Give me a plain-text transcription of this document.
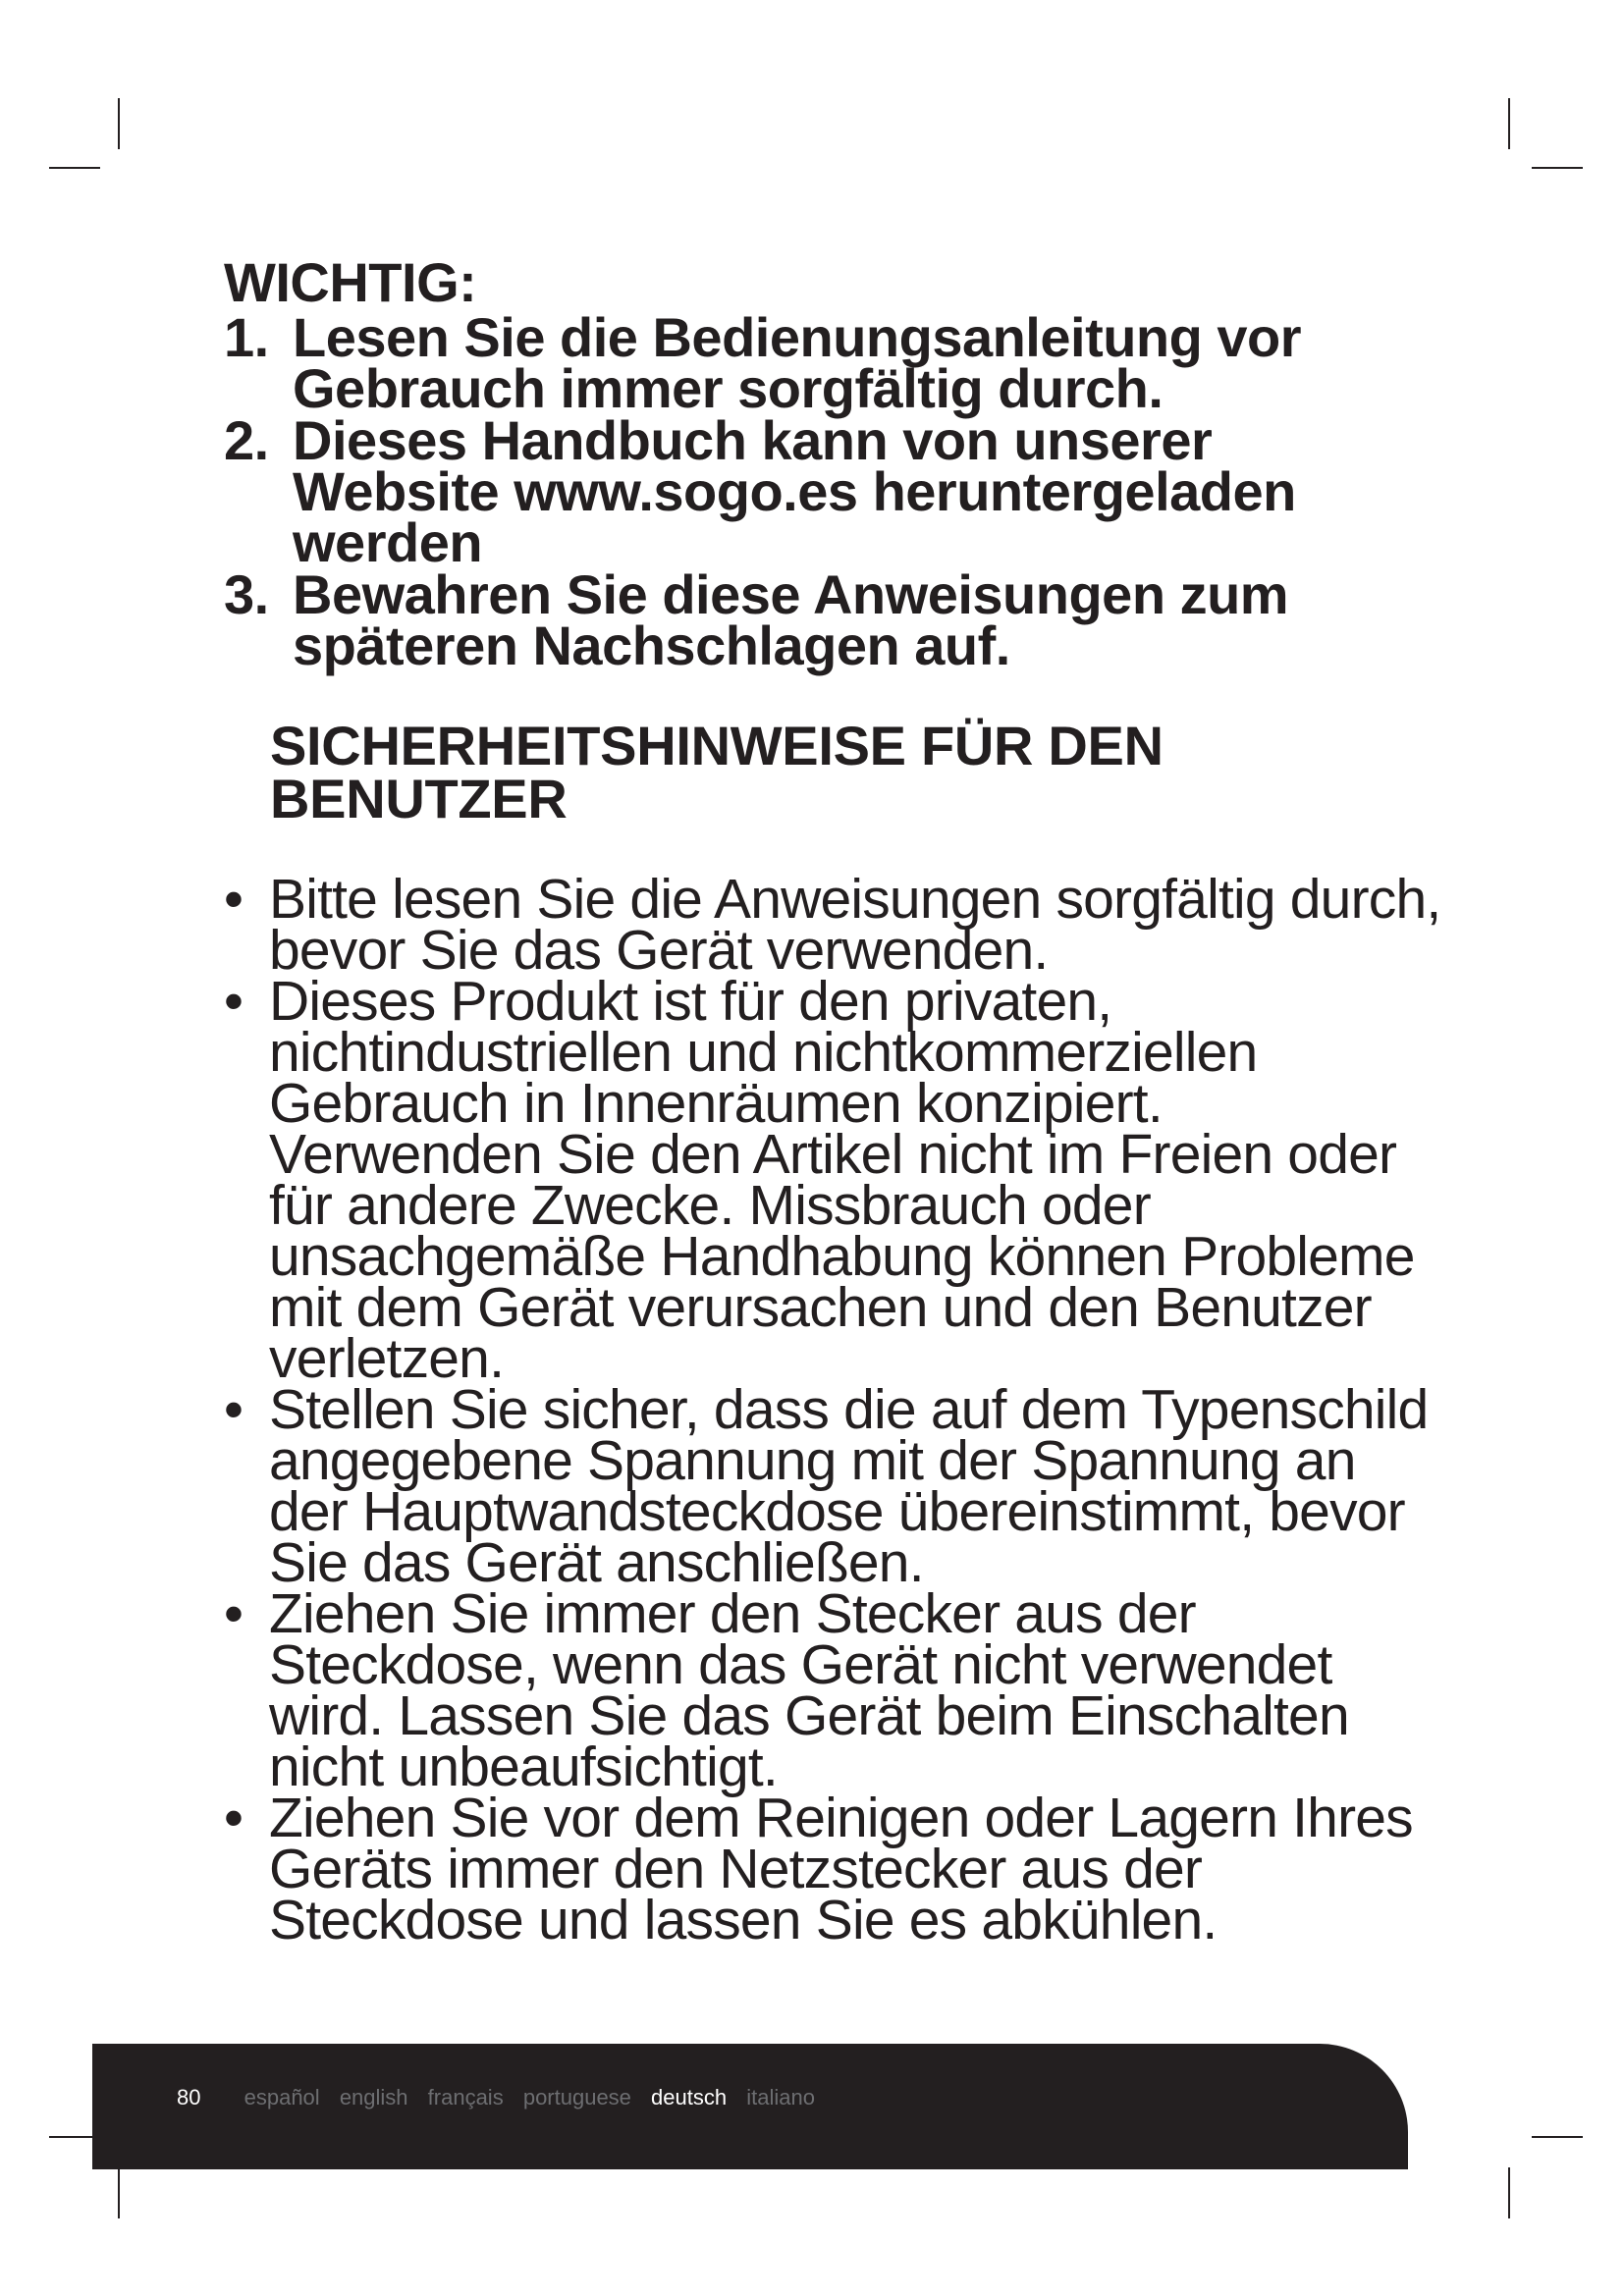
WICHTIG:
1. Lesen Sie die Bedienungsanleitung vor Gebrauch immer sorgfältig durch.
2. Dieses Handbuch kann von unserer Website www.sogo.es heruntergeladen werden
3. Bewahren Sie diese Anweisungen zum späteren Nachschlagen auf.
SICHERHEITSHINWEISE FÜR DEN BENUTZER
• Bitte lesen Sie die Anweisungen sorgfältig durch, bevor Sie das Gerät verwenden.
• Dieses Produkt ist für den privaten, nichtindustriellen und nichtkommerziellen Gebrauch in Innenräumen konzipiert. Verwenden Sie den Artikel nicht im Freien oder für andere Zwecke. Missbrauch oder unsachgemäße Handhabung können Probleme mit dem Gerät verursachen und den Benutzer verletzen.
• Stellen Sie sicher, dass die auf dem Typenschild angegebene Spannung mit der Spannung an der Hauptwandsteckdose übereinstimmt, bevor Sie das Gerät anschließen.
• Ziehen Sie immer den Stecker aus der Steckdose, wenn das Gerät nicht verwendet wird. Lassen Sie das Gerät beim Einschalten nicht unbeaufsichtigt.
• Ziehen Sie vor dem Reinigen oder Lagern Ihres Geräts immer den Netzstecker aus der Steckdose und lassen Sie es abkühlen.
80 español english français portuguese deutsch italiano
